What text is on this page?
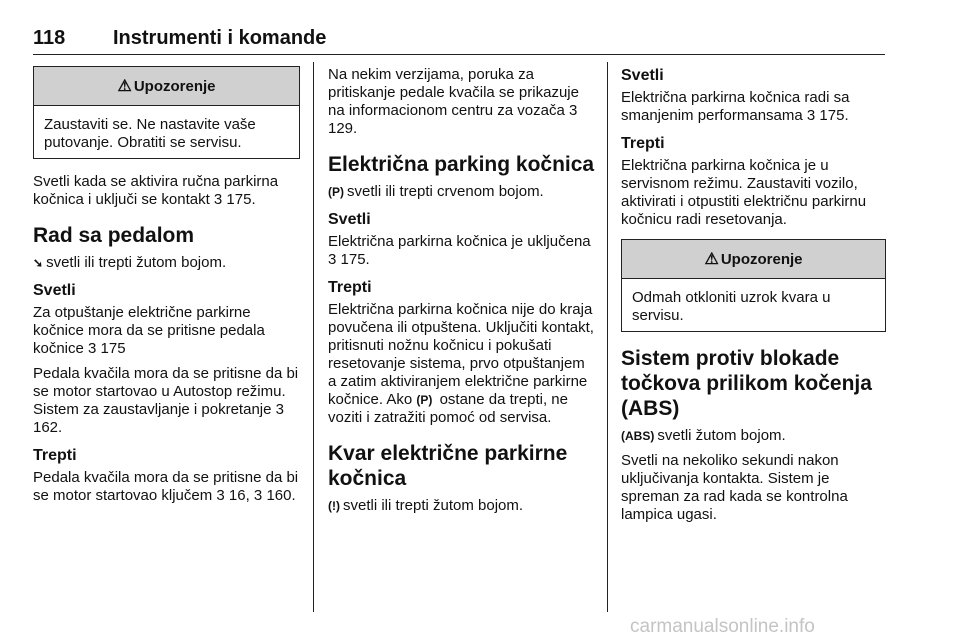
118 Instrumenti i komande
⚠ Upozorenje
Zaustaviti se. Ne nastavite vaše putovanje. Obratiti se servisu.

Svetli kada se aktivira ručna parkirna kočnica i uključi se kontakt 3 175.

Rad sa pedalom

➘ svetli ili trepti žutom bojom.

Svetli

Za otpuštanje električne parkirne kočnice mora da se pritisne pedala kočnice 3 175

Pedala kvačila mora da se pritisne da bi se motor startovao u Autostop režimu. Sistem za zaustavljanje i pokretanje 3 162.

Trepti

Pedala kvačila mora da se pritisne da bi se motor startovao ključem 3 16, 3 160.

Na nekim verzijama, poruka za pritiskanje pedale kvačila se prikazuje na informacionom centru za vozača 3 129.

Električna parking kočnica

(P) svetli ili trepti crvenom bojom.

Svetli

Električna parkirna kočnica je uključena 3 175.

Trepti

Električna parkirna kočnica nije do kraja povučena ili otpuštena. Uključiti kontakt, pritisnuti nožnu kočnicu i pokušati resetovanje sistema, prvo otpuštanjem a zatim aktiviranjem električne parkirne kočnice. Ako (P) ostane da trepti, ne voziti i zatražiti pomoć od servisa.

Kvar električne parkirne kočnica

(!) svetli ili trepti žutom bojom.

Svetli

Električna parkirna kočnica radi sa smanjenim performansama 3 175.

Trepti

Električna parkirna kočnica je u servisnom režimu. Zaustaviti vozilo, aktivirati i otpustiti električnu parkirnu kočnicu radi resetovanja.

⚠ Upozorenje
Odmah otkloniti uzrok kvara u servisu.
Sistem protiv blokade točkova prilikom kočenja (ABS)

(ABS) svetli žutom bojom.

Svetli na nekoliko sekundi nakon uključivanja kontakta. Sistem je spreman za rad kada se kontrolna lampica ugasi.

carmanualsonline.info
